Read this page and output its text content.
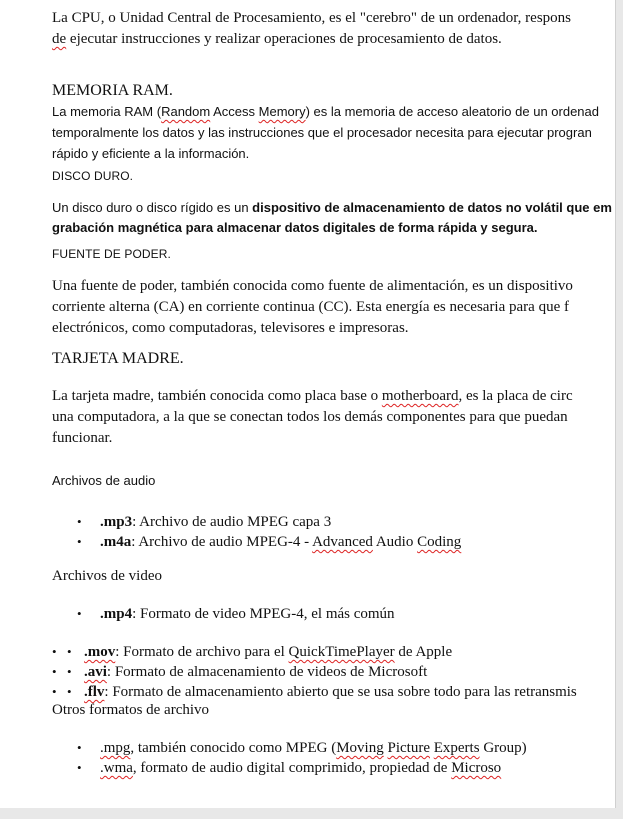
La CPU, o Unidad Central de Procesamiento, es el "cerebro" de un ordenador, respons
de ejecutar instrucciones y realizar operaciones de procesamiento de datos.
MEMORIA RAM.
La memoria RAM (Random Access Memory) es la memoria de acceso aleatorio de un ordenad
temporalmente los datos y las instrucciones que el procesador necesita para ejecutar progran
rápido y eficiente a la información.
DISCO DURO.
Un disco duro o disco rígido es un dispositivo de almacenamiento de datos no volátil que em
grabación magnética para almacenar datos digitales de forma rápida y segura.
FUENTE DE PODER.
Una fuente de poder, también conocida como fuente de alimentación, es un dispositivo
corriente alterna (CA) en corriente continua (CC). Esta energía es necesaria para que f
electrónicos, como computadoras, televisores e impresoras.
TARJETA MADRE.
La tarjeta madre, también conocida como placa base o motherboard, es la placa de circ
una computadora, a la que se conectan todos los demás componentes para que puedan
funcionar.
Archivos de audio
• .mp3: Archivo de audio MPEG capa 3
• .m4a: Archivo de audio MPEG-4 - Advanced Audio Coding
Archivos de video
• .mp4: Formato de video MPEG-4, el más común
• • .mov: Formato de archivo para el QuickTimePlayer de Apple
• • .avi: Formato de almacenamiento de videos de Microsoft
• • .flv: Formato de almacenamiento abierto que se usa sobre todo para las retransmis
Otros formatos de archivo
• .mpg, también conocido como MPEG (Moving Picture Experts Group)
• .wma, formato de audio digital comprimido, propiedad de Microso
